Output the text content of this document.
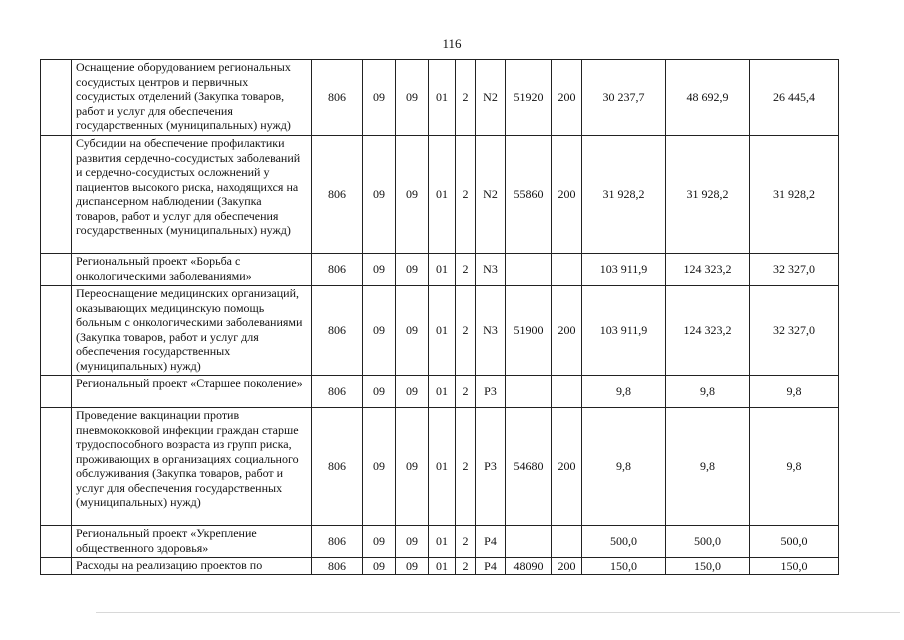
116
	Оснащение оборудованием региональных сосудистых центров и первичных сосудистых отделений (Закупка товаров, работ и услуг для обеспечения государственных (муниципальных) нужд)	806	09	09	01	2	N2	51920	200	30 237,7	48 692,9	26 445,4
	Субсидии на обеспечение профилактики развития сердечно-сосудистых заболеваний и сердечно-сосудистых осложнений у пациентов высокого риска, находящихся на диспансерном наблюдении (Закупка товаров, работ и услуг для обеспечения государственных (муниципальных) нужд)	806	09	09	01	2	N2	55860	200	31 928,2	31 928,2	31 928,2
	Региональный проект «Борьба с онкологическими заболеваниями»	806	09	09	01	2	N3			103 911,9	124 323,2	32 327,0
	Переоснащение медицинских организаций, оказывающих медицинскую помощь больным с онкологическими заболеваниями (Закупка товаров, работ и услуг для обеспечения государственных (муниципальных) нужд)	806	09	09	01	2	N3	51900	200	103 911,9	124 323,2	32 327,0
	Региональный проект «Старшее поколение»	806	09	09	01	2	P3			9,8	9,8	9,8
	Проведение вакцинации против пневмококковой инфекции граждан старше трудоспособного возраста из групп риска, проживающих в организациях социального обслуживания (Закупка товаров, работ и услуг для обеспечения государственных (муниципальных) нужд)	806	09	09	01	2	P3	54680	200	9,8	9,8	9,8
	Региональный проект «Укрепление общественного здоровья»	806	09	09	01	2	P4			500,0	500,0	500,0
	Расходы на реализацию проектов по	806	09	09	01	2	P4	48090	200	150,0	150,0	150,0
